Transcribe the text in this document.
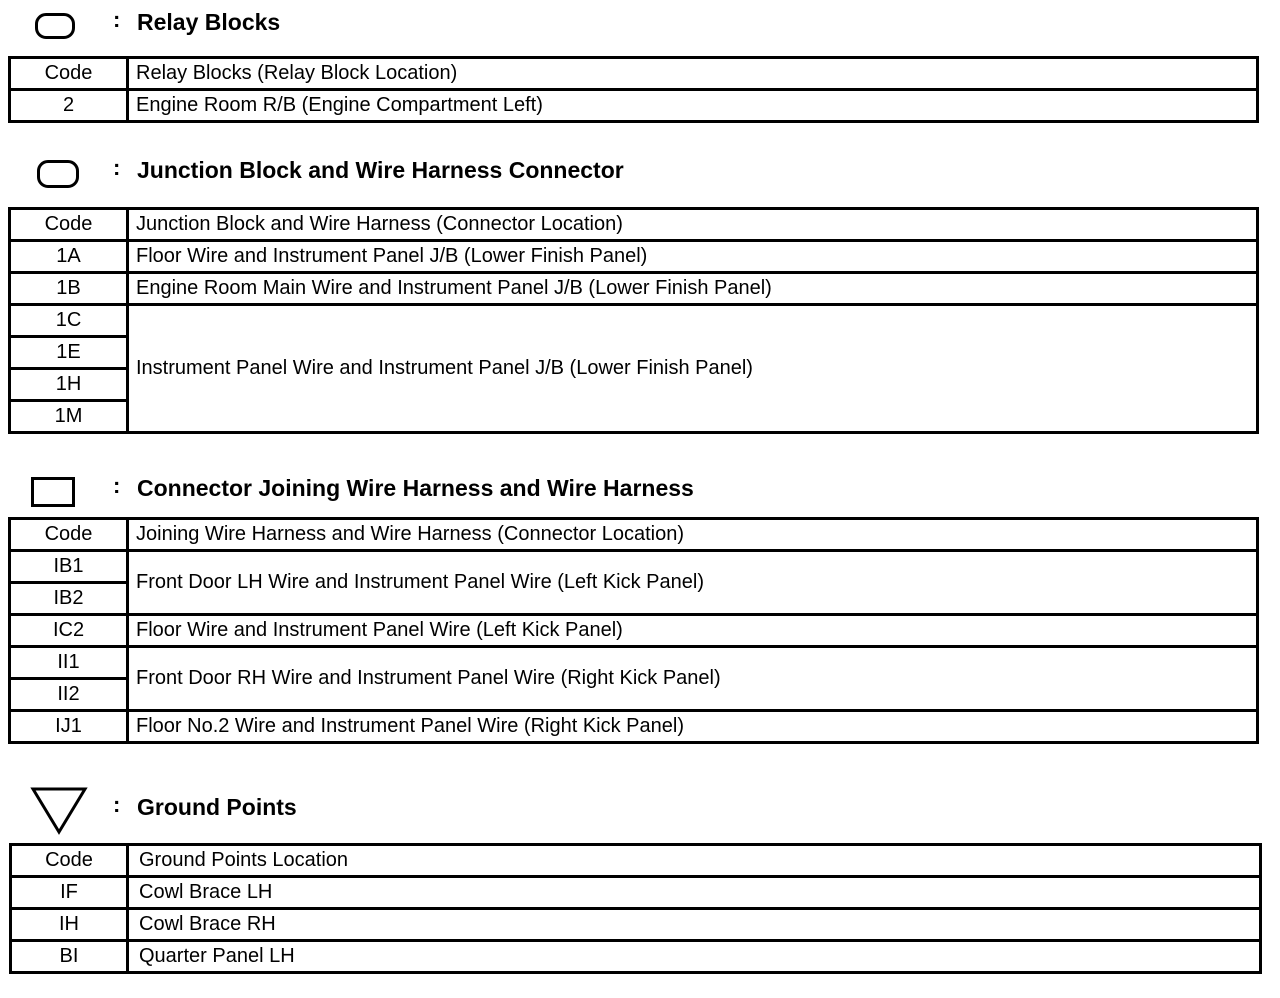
: Relay Blocks
Code	Relay Blocks (Relay Block Location)
2	Engine Room R/B (Engine Compartment Left)
: Junction Block and Wire Harness Connector
Code	Junction Block and Wire Harness (Connector Location)
1A	Floor Wire and Instrument Panel J/B (Lower Finish Panel)
1B	Engine Room Main Wire and Instrument Panel J/B (Lower Finish Panel)
1C	Instrument Panel Wire and Instrument Panel J/B (Lower Finish Panel)
1E	
1H	
1M	
: Connector Joining Wire Harness and Wire Harness
Code	Joining Wire Harness and Wire Harness (Connector Location)
IB1	Front Door LH Wire and Instrument Panel Wire (Left Kick Panel)
IB2	
IC2	Floor Wire and Instrument Panel Wire (Left Kick Panel)
II1	Front Door RH Wire and Instrument Panel Wire (Right Kick Panel)
II2	
IJ1	Floor No.2 Wire and Instrument Panel Wire (Right Kick Panel)
: Ground Points
Code	Ground Points Location
IF	Cowl Brace LH
IH	Cowl Brace RH
BI	Quarter Panel LH
